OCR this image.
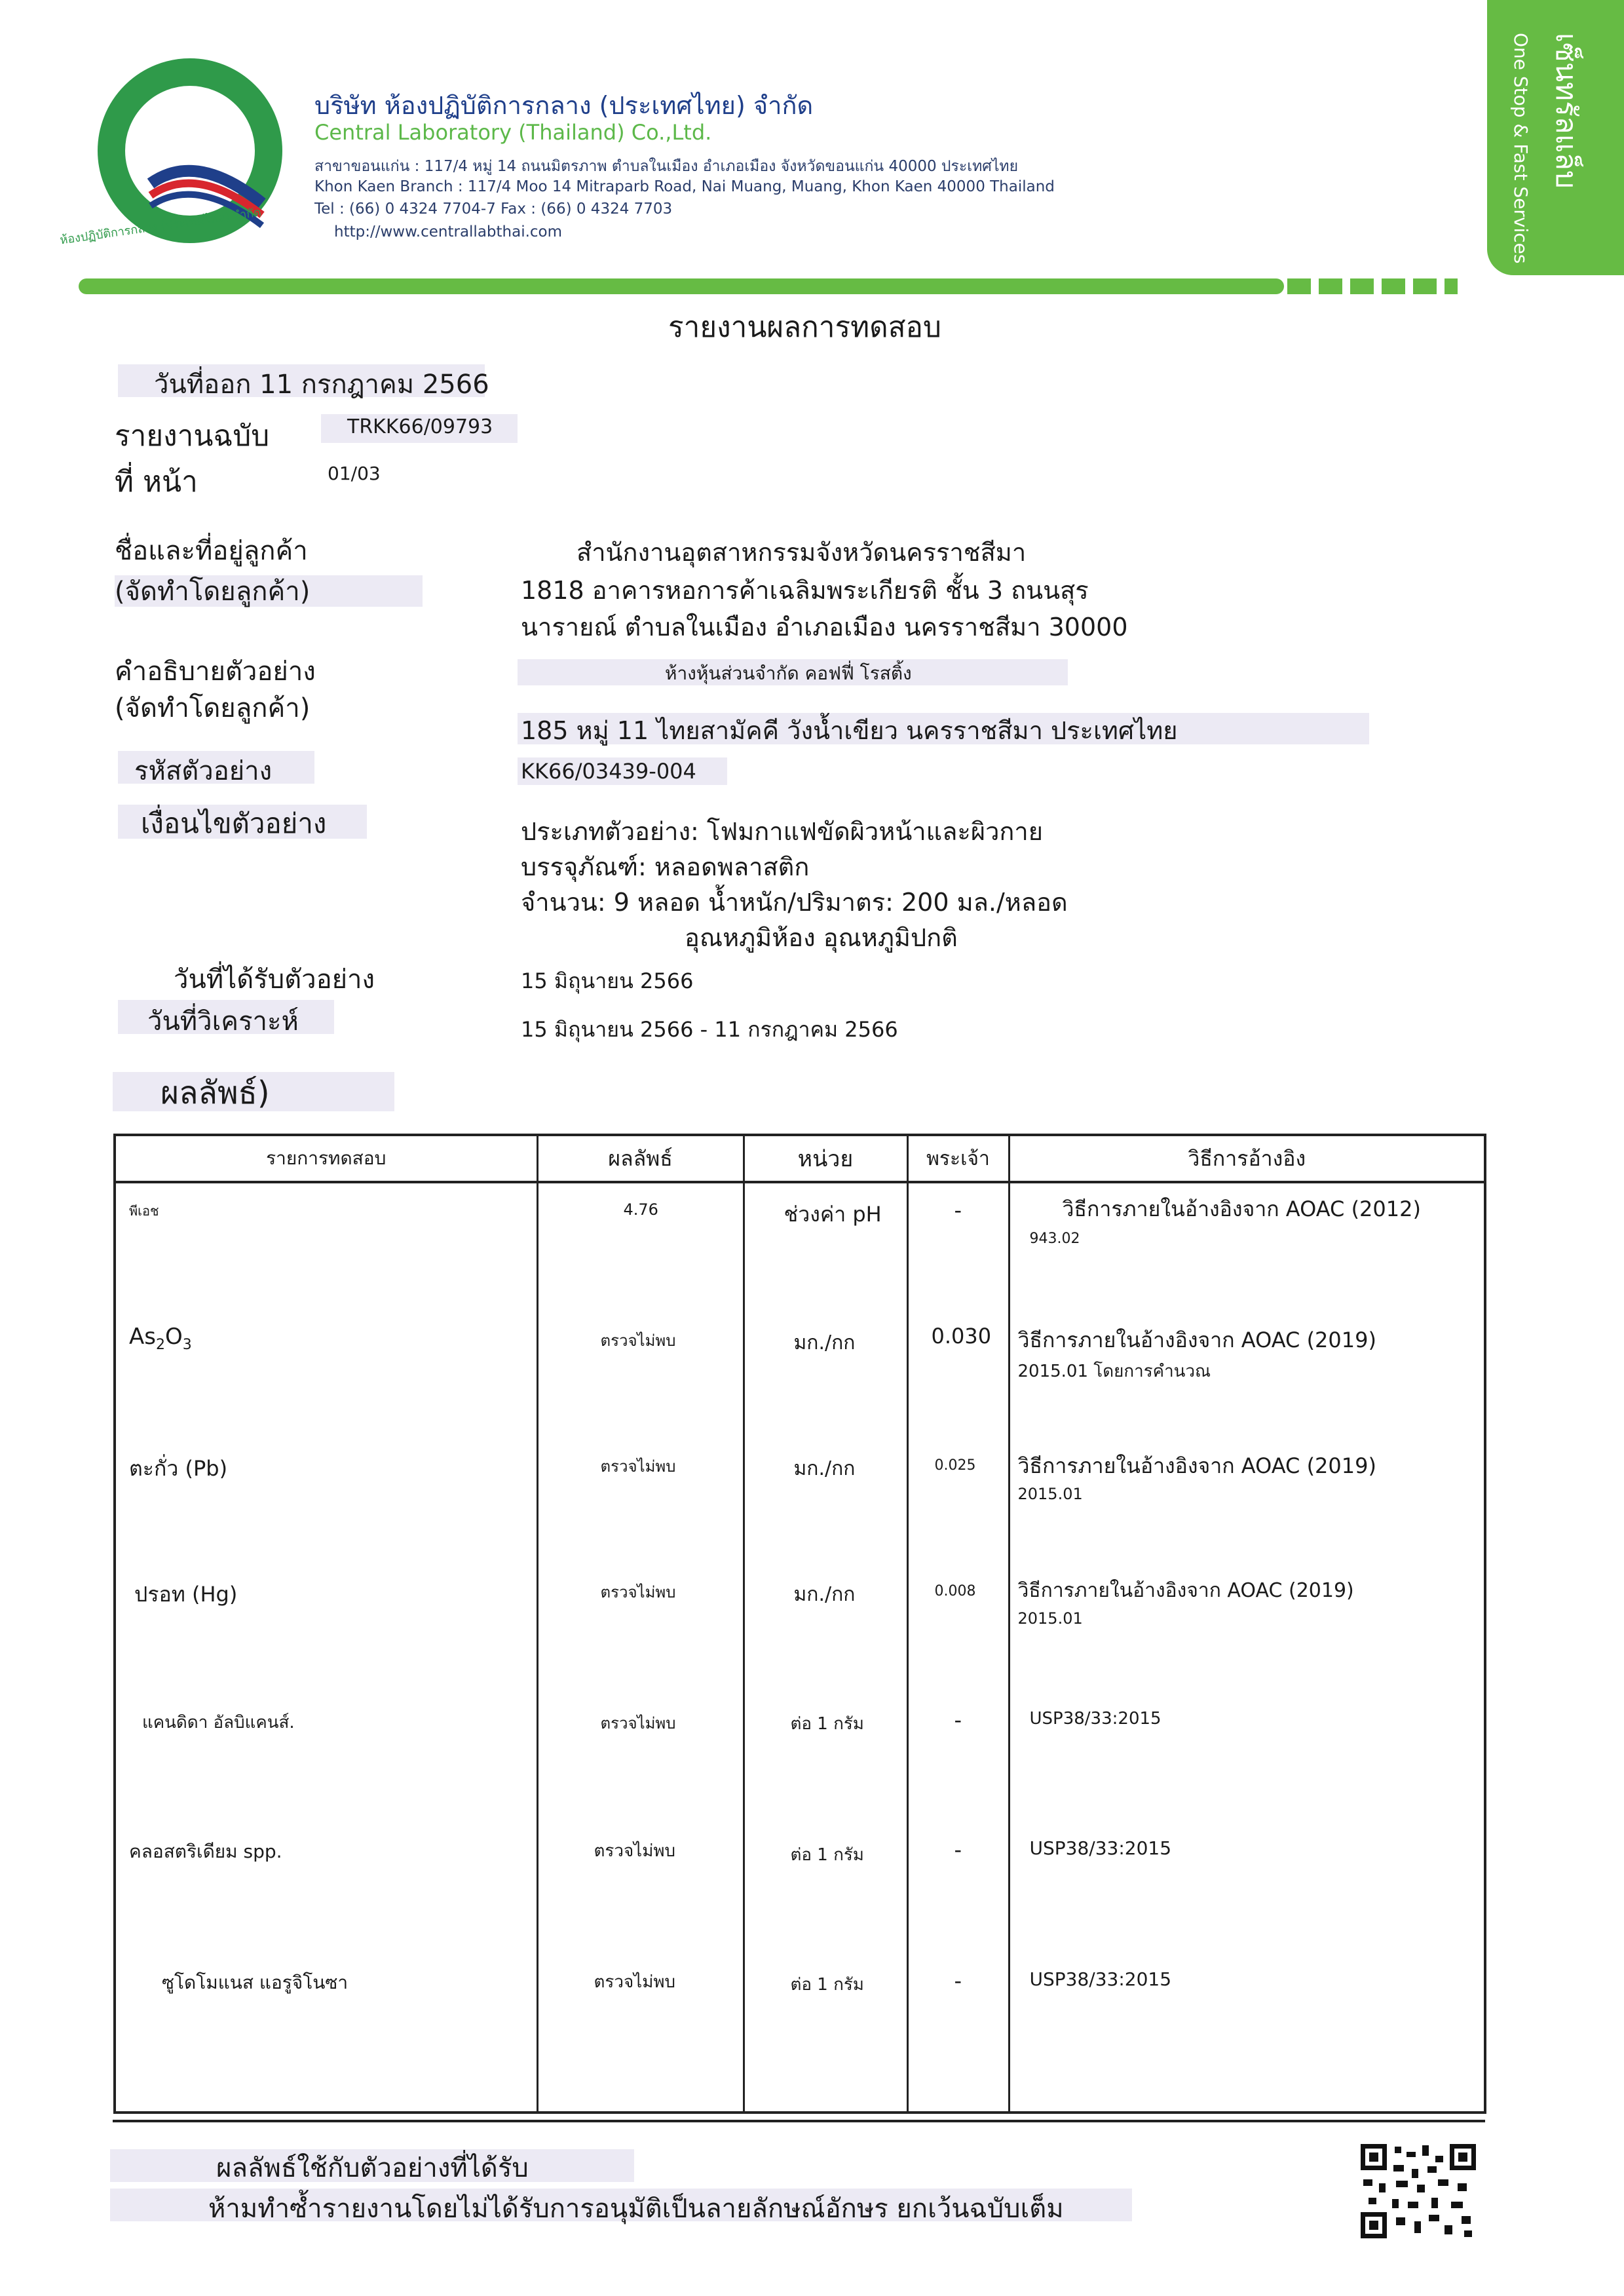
ห้องปฏิบัติการกลาง (ประเทศไทย) จำกัด
บริษัท ห้องปฏิบัติการกลาง (ประเทศไทย) จำกัด
Central Laboratory (Thailand) Co.,Ltd.
สาขาขอนแก่น : 117/4 หมู่ 14 ถนนมิตรภาพ ตำบลในเมือง อำเภอเมือง จังหวัดขอนแก่น 40000 ประเทศไทย
Khon Kaen Branch : 117/4 Moo 14 Mitraparb Road, Nai Muang, Muang, Khon Kaen 40000 Thailand
Tel : (66) 0 4324 7704-7 Fax : (66) 0 4324 7703
http://www.centrallabthai.com
เซ็นทรัลแล็บ
One Stop & Fast Services
รายงานผลการทดสอบ
วันที่ออก 11 กรกฎาคม 2566
รายงานฉบับ	TRKK66/09793
ที่ หน้า	01/03
ชื่อและที่อยู่ลูกค้า
(จัดทำโดยลูกค้า)
สำนักงานอุตสาหกรรมจังหวัดนครราชสีมา
1818 อาคารหอการค้าเฉลิมพระเกียรติ ชั้น 3 ถนนสุร
นารายณ์ ตำบลในเมือง อำเภอเมือง นครราชสีมา 30000
คำอธิบายตัวอย่าง
(จัดทำโดยลูกค้า)
ห้างหุ้นส่วนจำกัด คอฟฟี่ โรสติ้ง
185 หมู่ 11 ไทยสามัคคี วังน้ำเขียว นครราชสีมา ประเทศไทย
รหัสตัวอย่าง	KK66/03439-004
เงื่อนไขตัวอย่าง	ประเภทตัวอย่าง: โฟมกาแฟขัดผิวหน้าและผิวกาย
บรรจุภัณฑ์: หลอดพลาสติก
จำนวน: 9 หลอด น้ำหนัก/ปริมาตร: 200 มล./หลอด
อุณหภูมิห้อง อุณหภูมิปกติ
วันที่ได้รับตัวอย่าง	15 มิถุนายน 2566
วันที่วิเคราะห์	15 มิถุนายน 2566 - 11 กรกฎาคม 2566
ผลลัพธ์)
รายการทดสอบ	ผลลัพธ์	หน่วย	พระเจ้า	วิธีการอ้างอิง

พีเอช	4.76	ช่วงค่า pH	-	วิธีการภายในอ้างอิงจาก AOAC (2012)
943.02

$As_2O_3$	ตรวจไม่พบ	มก./กก	0.030	วิธีการภายในอ้างอิงจาก AOAC (2019)
2015.01 โดยการคำนวณ

ตะกั่ว (Pb)	ตรวจไม่พบ	มก./กก	0.025	วิธีการภายในอ้างอิงจาก AOAC (2019)
2015.01

ปรอท (Hg)	ตรวจไม่พบ	มก./กก	0.008	วิธีการภายในอ้างอิงจาก AOAC (2019)
2015.01

แคนดิดา อัลบิแคนส์.	ตรวจไม่พบ	ต่อ 1 กรัม	-	USP38/33:2015

คลอสตริเดียม spp.	ตรวจไม่พบ	ต่อ 1 กรัม	-	USP38/33:2015

ซูโดโมแนส แอรูจิโนซา	ตรวจไม่พบ	ต่อ 1 กรัม	-	USP38/33:2015
ผลลัพธ์ใช้กับตัวอย่างที่ได้รับ
ห้ามทำซ้ำรายงานโดยไม่ได้รับการอนุมัติเป็นลายลักษณ์อักษร ยกเว้นฉบับเต็ม
